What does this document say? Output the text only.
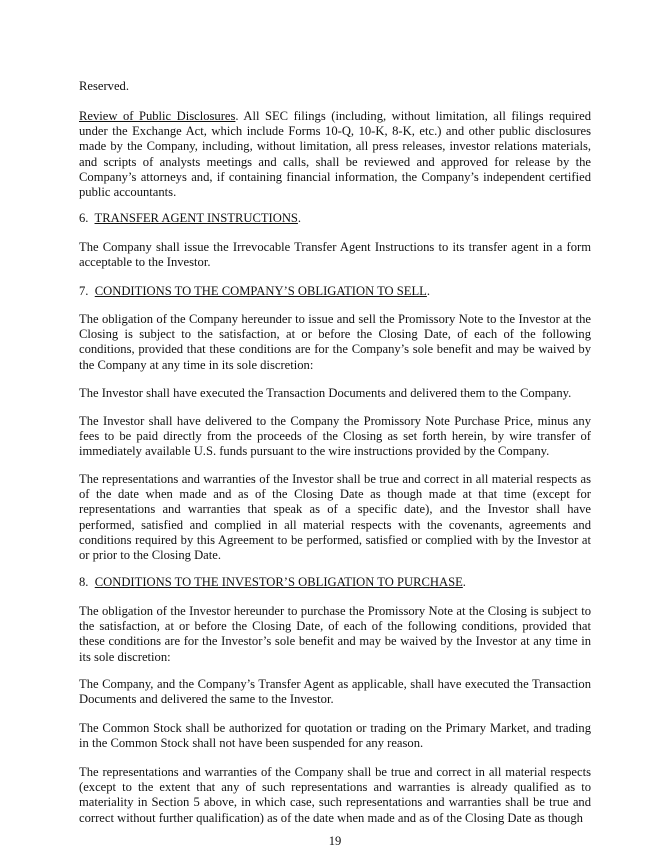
Reserved.

Review of Public Disclosures. All SEC filings (including, without limitation, all filings required under the Exchange Act, which include Forms 10-Q, 10-K, 8-K, etc.) and other public disclosures made by the Company, including, without limitation, all press releases, investor relations materials, and scripts of analysts meetings and calls, shall be reviewed and approved for release by the Company’s attorneys and, if containing financial information, the Company’s independent certified public accountants.

6. TRANSFER AGENT INSTRUCTIONS.

The Company shall issue the Irrevocable Transfer Agent Instructions to its transfer agent in a form acceptable to the Investor.

7. CONDITIONS TO THE COMPANY’S OBLIGATION TO SELL.

The obligation of the Company hereunder to issue and sell the Promissory Note to the Investor at the Closing is subject to the satisfaction, at or before the Closing Date, of each of the following conditions, provided that these conditions are for the Company’s sole benefit and may be waived by the Company at any time in its sole discretion:

The Investor shall have executed the Transaction Documents and delivered them to the Company.

The Investor shall have delivered to the Company the Promissory Note Purchase Price, minus any fees to be paid directly from the proceeds of the Closing as set forth herein, by wire transfer of immediately available U.S. funds pursuant to the wire instructions provided by the Company.

The representations and warranties of the Investor shall be true and correct in all material respects as of the date when made and as of the Closing Date as though made at that time (except for representations and warranties that speak as of a specific date), and the Investor shall have performed, satisfied and complied in all material respects with the covenants, agreements and conditions required by this Agreement to be performed, satisfied or complied with by the Investor at or prior to the Closing Date.

8. CONDITIONS TO THE INVESTOR’S OBLIGATION TO PURCHASE.

The obligation of the Investor hereunder to purchase the Promissory Note at the Closing is subject to the satisfaction, at or before the Closing Date, of each of the following conditions, provided that these conditions are for the Investor’s sole benefit and may be waived by the Investor at any time in its sole discretion:

The Company, and the Company’s Transfer Agent as applicable, shall have executed the Transaction Documents and delivered the same to the Investor.

The Common Stock shall be authorized for quotation or trading on the Primary Market, and trading in the Common Stock shall not have been suspended for any reason.

The representations and warranties of the Company shall be true and correct in all material respects (except to the extent that any of such representations and warranties is already qualified as to materiality in Section 5 above, in which case, such representations and warranties shall be true and correct without further qualification) as of the date when made and as of the Closing Date as though

19
